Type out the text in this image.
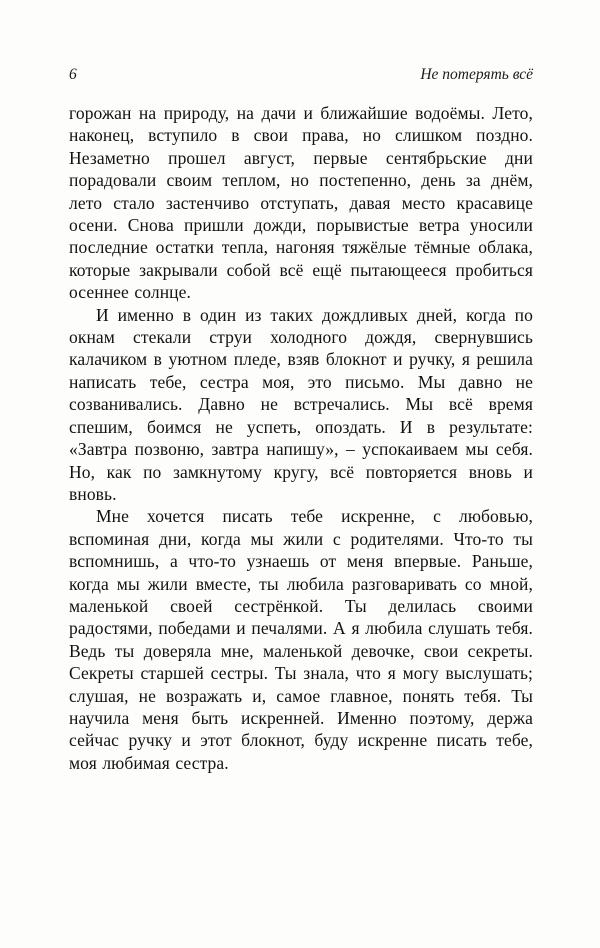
6	Не потерять всё

горожан на природу, на дачи и ближайшие водоёмы. Лето, наконец, вступило в свои права, но слишком поздно. Незаметно прошел август, первые сентябрьские дни порадовали своим теплом, но постепенно, день за днём, лето стало застенчиво отступать, давая место красавице осени. Снова пришли дожди, порывистые ветра уносили последние остатки тепла, нагоняя тяжёлые тёмные облака, которые закрывали собой всё ещё пытающееся пробиться осеннее солнце.

И именно в один из таких дождливых дней, когда по окнам стекали струи холодного дождя, свернувшись калачиком в уютном пледе, взяв блокнот и ручку, я решила написать тебе, сестра моя, это письмо. Мы давно не созванивались. Давно не встречались. Мы всё время спешим, боимся не успеть, опоздать. И в результате: «Завтра позвоню, завтра напишу», – успокаиваем мы себя. Но, как по замкнутому кругу, всё повторяется вновь и вновь.

Мне хочется писать тебе искренне, с любовью, вспоминая дни, когда мы жили с родителями. Что-то ты вспомнишь, а что-то узнаешь от меня впервые. Раньше, когда мы жили вместе, ты любила разговаривать со мной, маленькой своей сестрёнкой. Ты делилась своими радостями, победами и печалями. А я любила слушать тебя. Ведь ты доверяла мне, маленькой девочке, свои секреты. Секреты старшей сестры. Ты знала, что я могу выслушать; слушая, не возражать и, самое главное, понять тебя. Ты научила меня быть искренней. Именно поэтому, держа сейчас ручку и этот блокнот, буду искренне писать тебе, моя любимая сестра.
